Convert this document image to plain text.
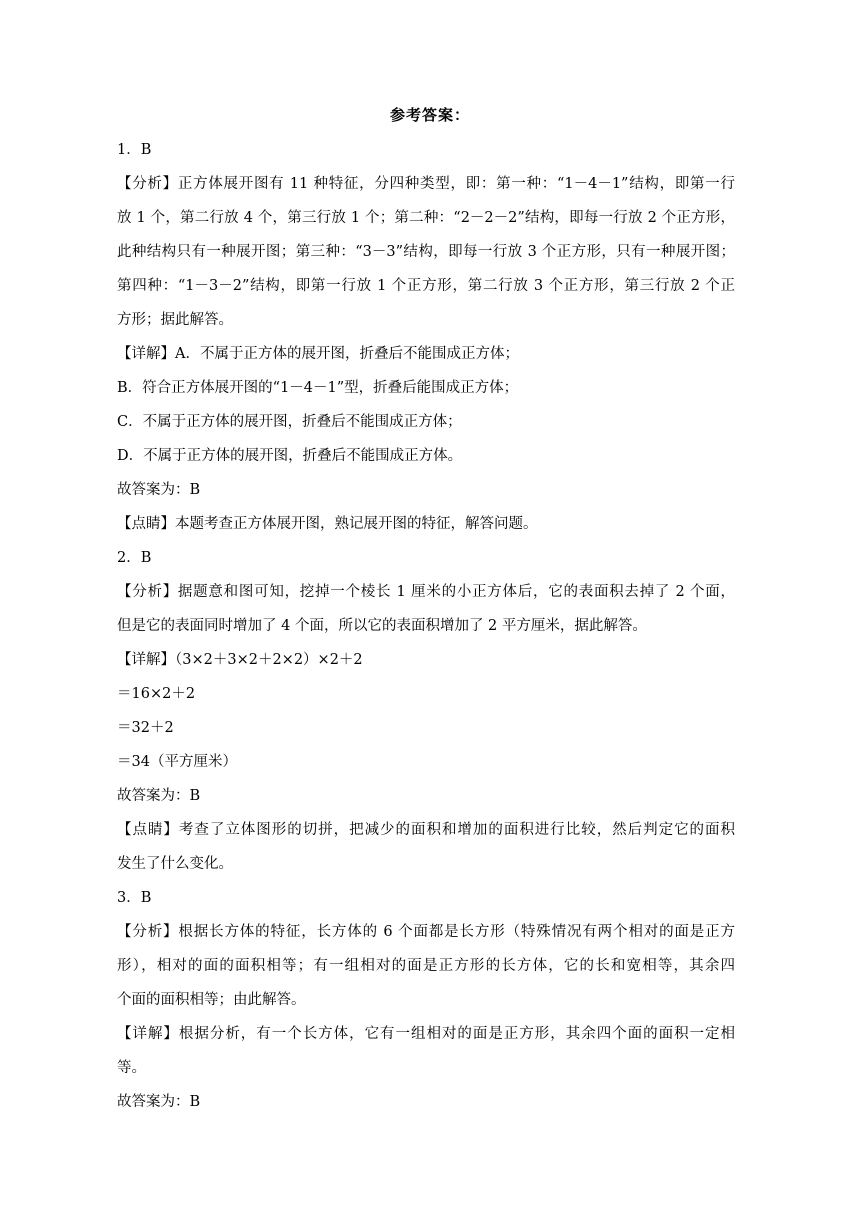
参考答案：
1．B
【分析】正方体展开图有 11 种特征，分四种类型，即：第一种：“1－4－1”结构，即第一行
放 1 个，第二行放 4 个，第三行放 1 个；第二种：“2－2－2”结构，即每一行放 2 个正方形，
此种结构只有一种展开图；第三种：“3－3”结构，即每一行放 3 个正方形，只有一种展开图；
第四种：“1－3－2”结构，即第一行放 1 个正方形，第二行放 3 个正方形，第三行放 2 个正
方形；据此解答。
【详解】A．不属于正方体的展开图，折叠后不能围成正方体；
B．符合正方体展开图的“1－4－1”型，折叠后能围成正方体；
C．不属于正方体的展开图，折叠后不能围成正方体；
D．不属于正方体的展开图，折叠后不能围成正方体。
故答案为：B
【点睛】本题考查正方体展开图，熟记展开图的特征，解答问题。
2．B
【分析】据题意和图可知，挖掉一个棱长 1 厘米的小正方体后，它的表面积去掉了 2 个面，
但是它的表面同时增加了 4 个面，所以它的表面积增加了 2 平方厘米，据此解答。
【详解】（3×2＋3×2＋2×2）×2＋2
＝16×2＋2
＝32＋2
＝34（平方厘米）
故答案为：B
【点睛】考查了立体图形的切拼，把减少的面积和增加的面积进行比较，然后判定它的面积
发生了什么变化。
3．B
【分析】根据长方体的特征，长方体的 6 个面都是长方形（特殊情况有两个相对的面是正方
形），相对的面的面积相等；有一组相对的面是正方形的长方体，它的长和宽相等，其余四
个面的面积相等；由此解答。
【详解】根据分析，有一个长方体，它有一组相对的面是正方形，其余四个面的面积一定相
等。
故答案为：B
